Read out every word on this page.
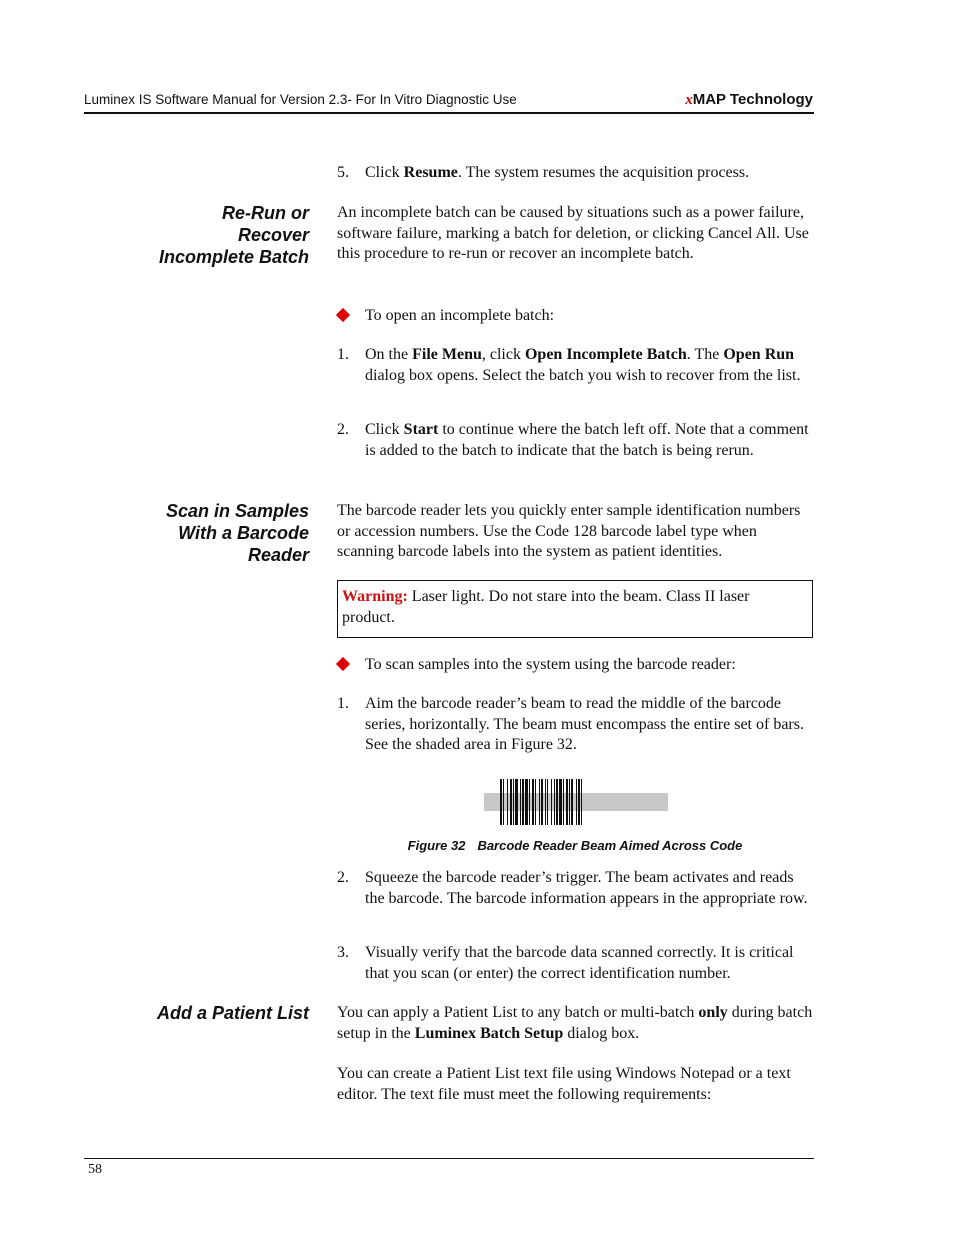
Luminex IS Software Manual for Version 2.3- For In Vitro Diagnostic Use	xMAP Technology
5. Click Resume. The system resumes the acquisition process.
Re-Run or
Recover
Incomplete Batch
An incomplete batch can be caused by situations such as a power failure, software failure, marking a batch for deletion, or clicking Cancel All. Use this procedure to re-run or recover an incomplete batch.
To open an incomplete batch:
1. On the File Menu, click Open Incomplete Batch. The Open Run dialog box opens. Select the batch you wish to recover from the list.
2. Click Start to continue where the batch left off. Note that a comment is added to the batch to indicate that the batch is being rerun.
Scan in Samples
With a Barcode
Reader
The barcode reader lets you quickly enter sample identification numbers or accession numbers. Use the Code 128 barcode label type when scanning barcode labels into the system as patient identities.
Warning: Laser light. Do not stare into the beam. Class II laser product.
To scan samples into the system using the barcode reader:
1. Aim the barcode reader’s beam to read the middle of the barcode series, horizontally. The beam must encompass the entire set of bars. See the shaded area in Figure 32.
Figure 32 Barcode Reader Beam Aimed Across Code
2. Squeeze the barcode reader’s trigger. The beam activates and reads the barcode. The barcode information appears in the appropriate row.
3. Visually verify that the barcode data scanned correctly. It is critical that you scan (or enter) the correct identification number.
Add a Patient List You can apply a Patient List to any batch or multi-batch only during batch setup in the Luminex Batch Setup dialog box.
You can create a Patient List text file using Windows Notepad or a text editor. The text file must meet the following requirements:
58
